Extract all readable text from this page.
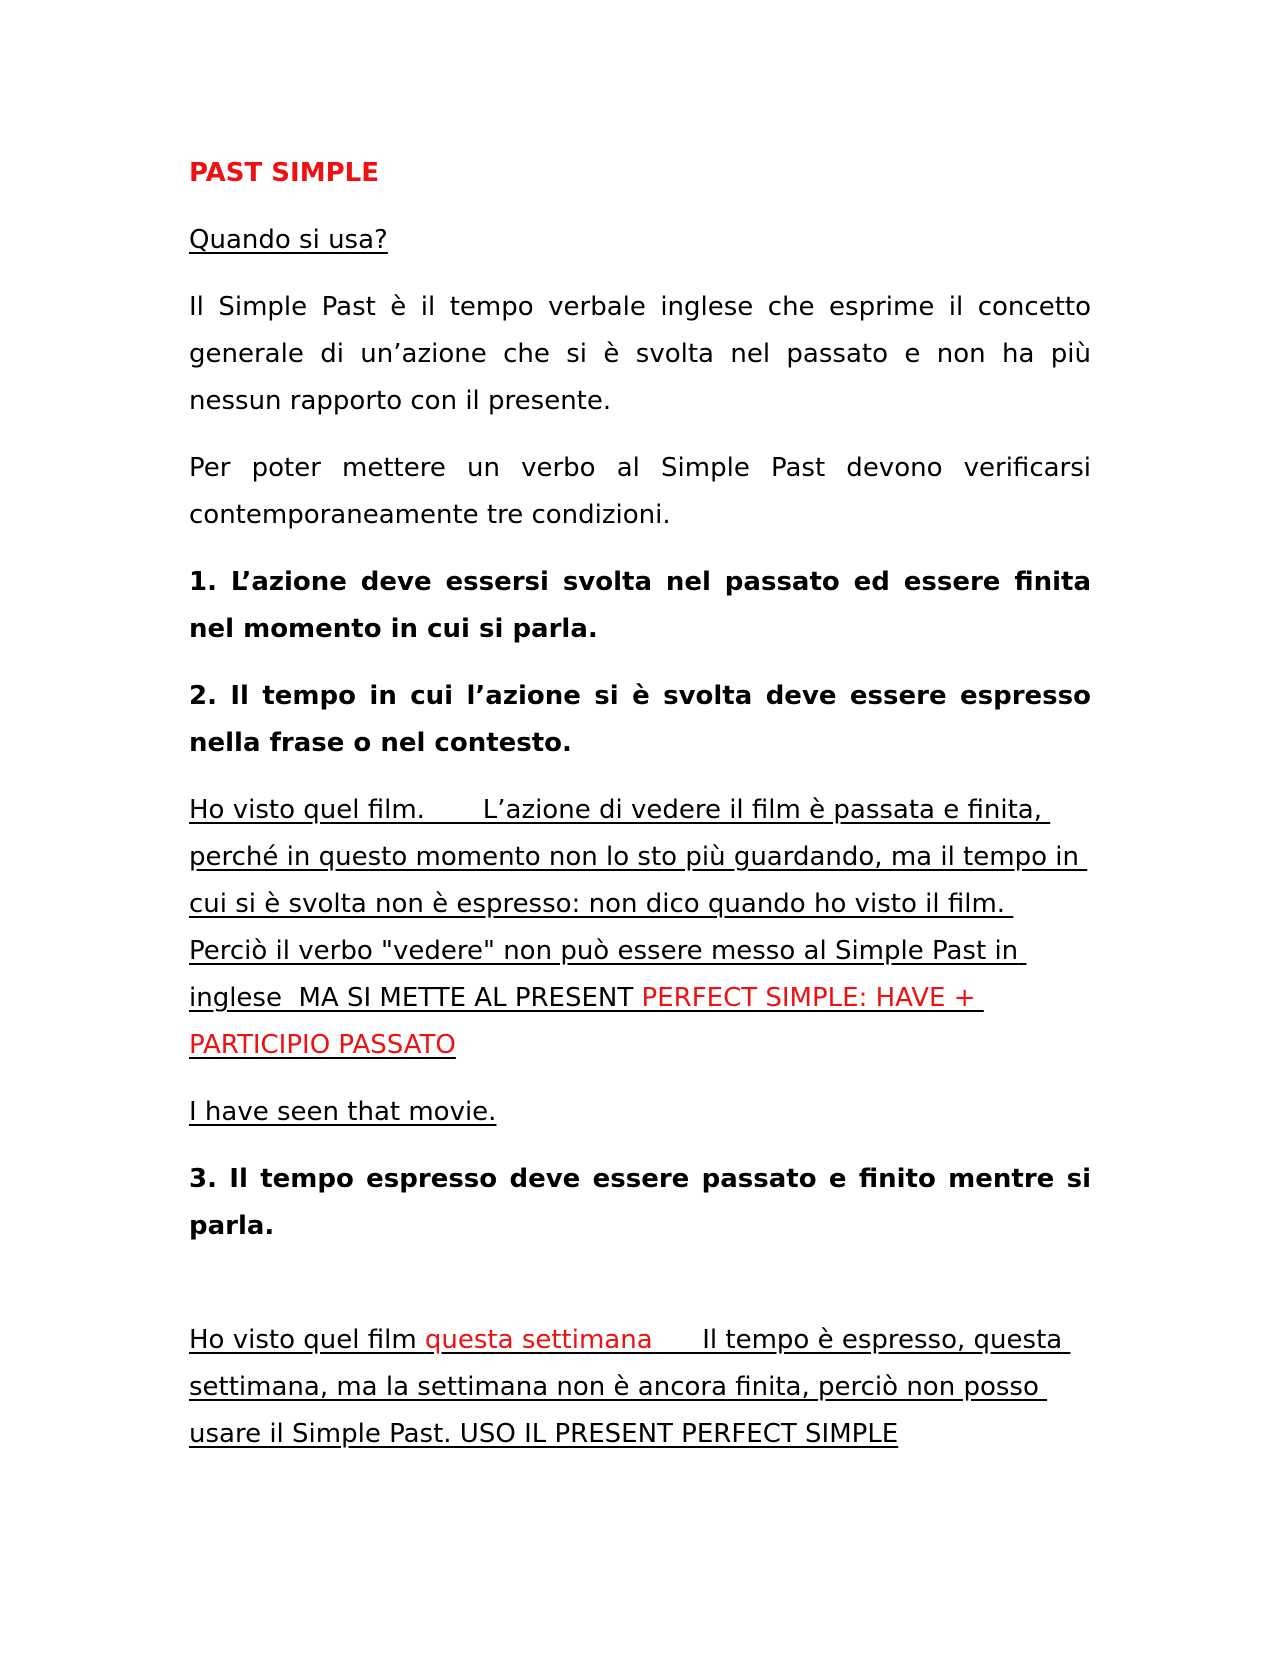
PAST SIMPLE

Quando si usa?

Il Simple Past è il tempo verbale inglese che esprime il concetto generale di un’azione che si è svolta nel passato e non ha più nessun rapporto con il presente.

Per poter mettere un verbo al Simple Past devono verificarsi contemporaneamente tre condizioni.

1. L’azione deve essersi svolta nel passato ed essere finita nel momento in cui si parla.

2. Il tempo in cui l’azione si è svolta deve essere espresso nella frase o nel contesto.

Ho visto quel film.       L’azione di vedere il film è passata e finita, perché in questo momento non lo sto più guardando, ma il tempo in cui si è svolta non è espresso: non dico quando ho visto il film. Perciò il verbo "vedere" non può essere messo al Simple Past in inglese  MA SI METTE AL PRESENT PERFECT SIMPLE: HAVE + PARTICIPIO PASSATO

I have seen that movie.

3. Il tempo espresso deve essere passato e finito mentre si parla.

Ho visto quel film questa settimana      Il tempo è espresso, questa settimana, ma la settimana non è ancora finita, perciò non posso usare il Simple Past. USO IL PRESENT PERFECT SIMPLE
